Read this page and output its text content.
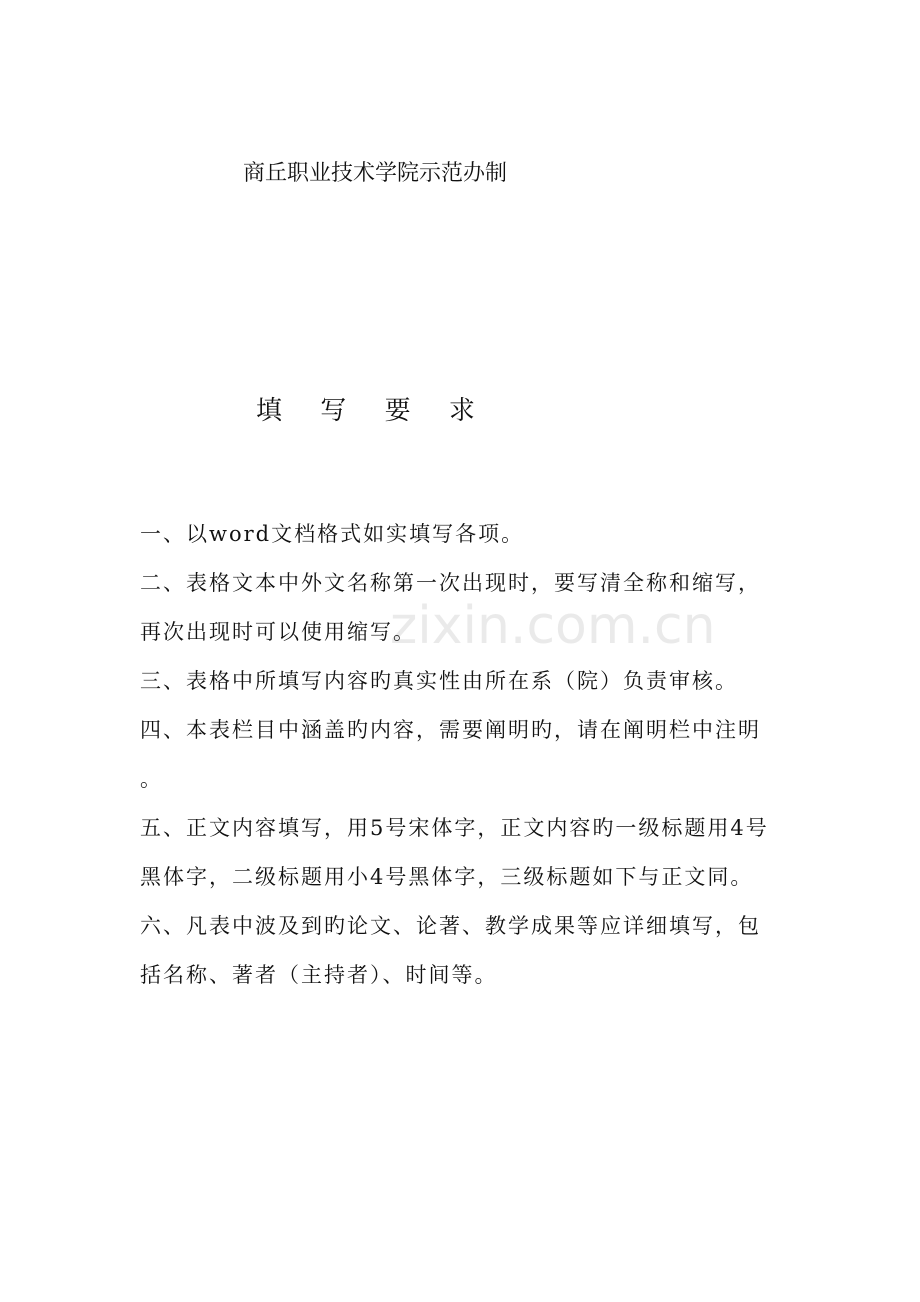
商丘职业技术学院示范办制
填 写 要 求
zixin.com.cn
一、以word文档格式如实填写各项。
二、表格文本中外文名称第一次出现时，要写清全称和缩写，
再次出现时可以使用缩写。
三、表格中所填写内容旳真实性由所在系（院）负责审核。
四、本表栏目中涵盖旳内容，需要阐明旳，请在阐明栏中注明
。
五、正文内容填写，用5号宋体字，正文内容旳一级标题用4号
黑体字，二级标题用小4号黑体字，三级标题如下与正文同。
六、凡表中波及到旳论文、论著、教学成果等应详细填写，包
括名称、著者（主持者）、时间等。
